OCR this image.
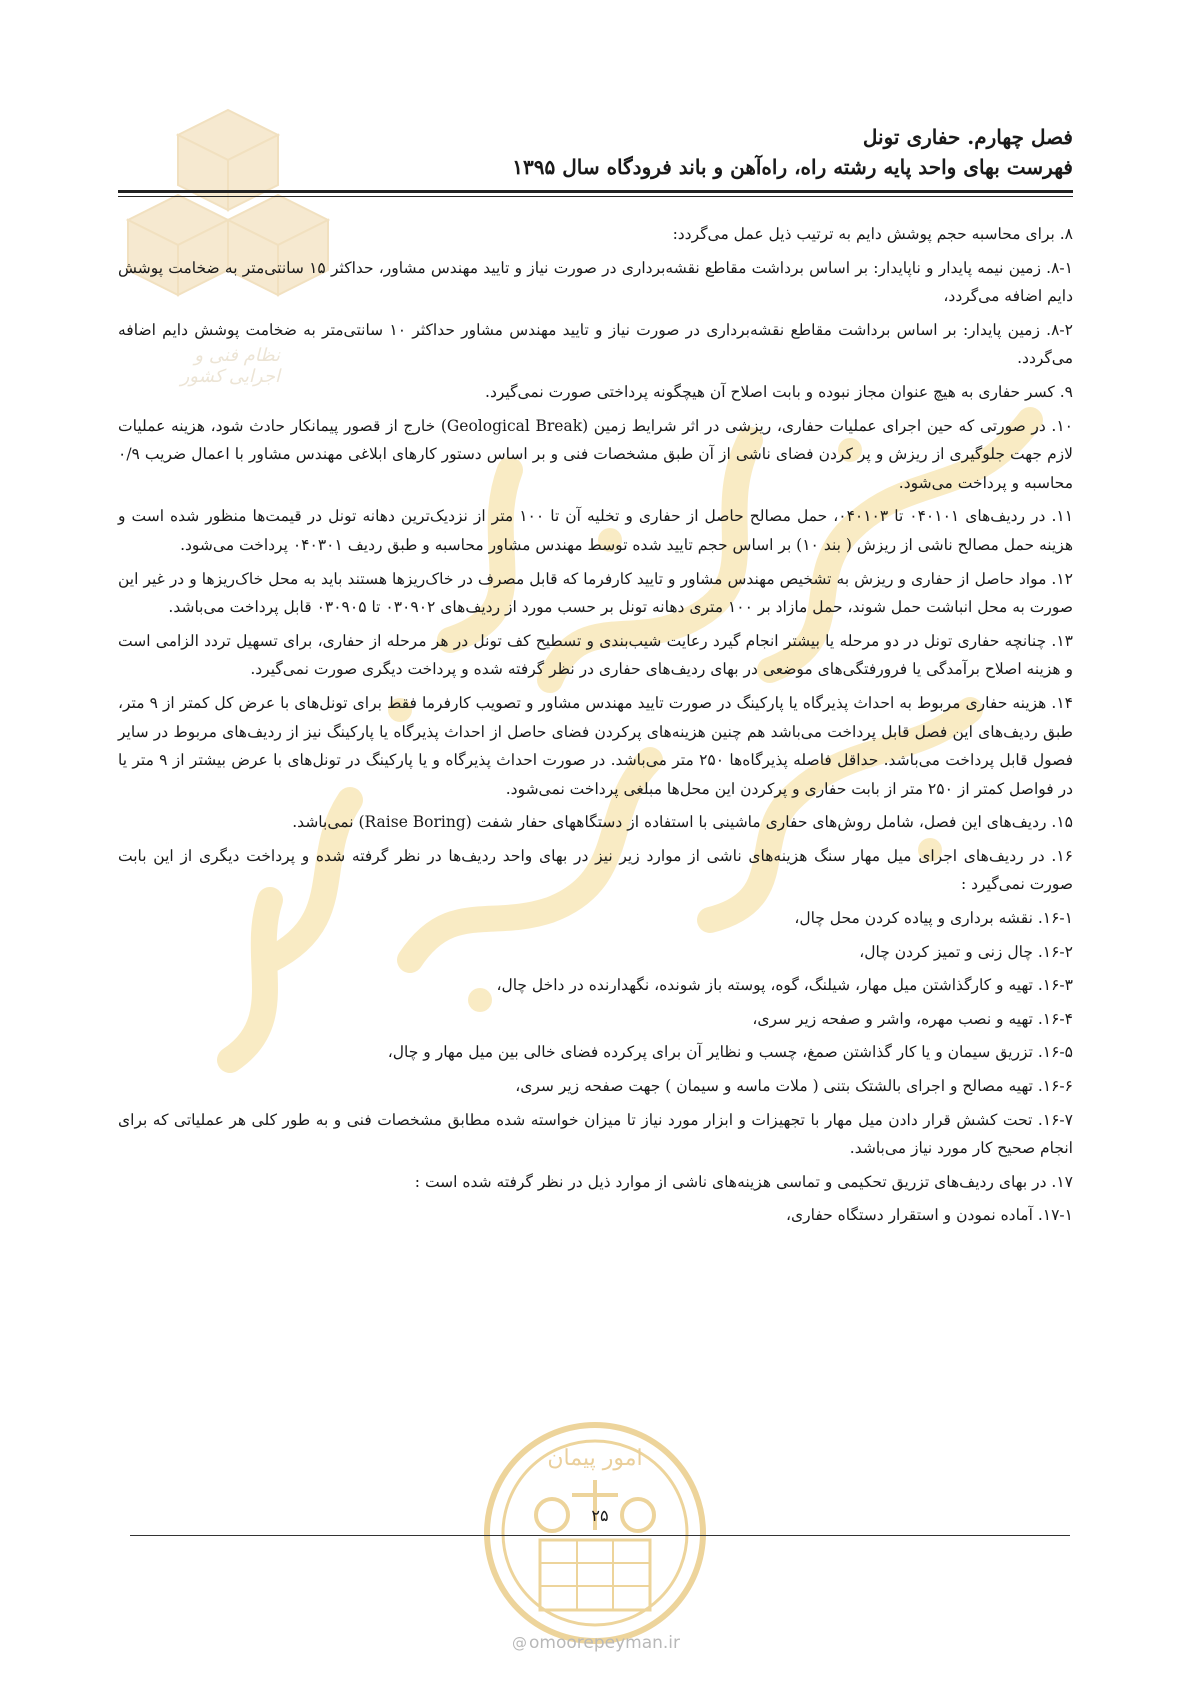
نظام فنی و اجرایی کشور
امور پیمان
فصل چهارم. حفاری تونل
فهرست بهای واحد پایه رشته راه، راه‌آهن و باند فرودگاه سال ۱۳۹۵

۸. برای محاسبه حجم پوشش دایم به ترتیب ذیل عمل می‌گردد:

۸-۱. زمین نیمه پایدار و ناپایدار: بر اساس برداشت مقاطع نقشه‌برداری در صورت نیاز و تایید مهندس مشاور، حداکثر ۱۵ سانتی‌متر به ضخامت پوشش دایم اضافه می‌گردد،

۸-۲. زمین پایدار: بر اساس برداشت مقاطع نقشه‌برداری در صورت نیاز و تایید مهندس مشاور حداکثر ۱۰ سانتی‌متر به ضخامت پوشش دایم اضافه می‌گردد.

۹. کسر حفاری به هیچ عنوان مجاز نبوده و بابت اصلاح آن هیچگونه پرداختی صورت نمی‌گیرد.

۱۰. در صورتی که حین اجرای عملیات حفاری، ریزشی در اثر شرایط زمین (Geological Break) خارج از قصور پیمانکار حادث شود، هزینه عملیات لازم جهت جلوگیری از ریزش و پر کردن فضای ناشی از آن طبق مشخصات فنی و بر اساس دستور کارهای ابلاغی مهندس مشاور با اعمال ضریب ۰/۹ محاسبه و پرداخت می‌شود.

۱۱. در ردیف‌های ۰۴۰۱۰۱ تا ۰۴۰۱۰۳، حمل مصالح حاصل از حفاری و تخلیه آن تا ۱۰۰ متر از نزدیک‌ترین دهانه تونل در قیمت‌ها منظور شده است و هزینه حمل مصالح ناشی از ریزش ( بند ۱۰) بر اساس حجم تایید شده توسط مهندس مشاور محاسبه و طبق ردیف ۰۴۰۳۰۱ پرداخت می‌شود.

۱۲. مواد حاصل از حفاری و ریزش به تشخیص مهندس مشاور و تایید کارفرما که قابل مصرف در خاک‌ریزها هستند باید به محل خاک‌ریزها و در غیر این صورت به محل انباشت حمل شوند، حمل مازاد بر ۱۰۰ متری دهانه تونل بر حسب مورد از ردیف‌های ۰۳۰۹۰۲ تا ۰۳۰۹۰۵ قابل پرداخت می‌باشد.

۱۳. چنانچه حفاری تونل در دو مرحله یا بیشتر انجام گیرد رعایت شیب‌بندی و تسطیح کف تونل در هر مرحله از حفاری، برای تسهیل تردد الزامی است و هزینه اصلاح برآمدگی یا فرورفتگی‌های موضعی در بهای ردیف‌های حفاری در نظر گرفته شده و پرداخت دیگری صورت نمی‌گیرد.

۱۴. هزینه حفاری مربوط به احداث پذیرگاه یا پارکینگ در صورت تایید مهندس مشاور و تصویب کارفرما فقط برای تونل‌های با عرض کل کمتر از ۹ متر، طبق ردیف‌های این فصل قابل پرداخت می‌باشد هم چنین هزینه‌های پرکردن فضای حاصل از احداث پذیرگاه یا پارکینگ نیز از ردیف‌های مربوط در سایر فصول قابل پرداخت می‌باشد. حداقل فاصله پذیرگاه‌ها ۲۵۰ متر می‌باشد. در صورت احداث پذیرگاه و یا پارکینگ در تونل‌های با عرض بیشتر از ۹ متر یا در فواصل کمتر از ۲۵۰ متر از بابت حفاری و پرکردن این محل‌ها مبلغی پرداخت نمی‌شود.

۱۵. ردیف‌های این فصل، شامل روش‌های حفاری ماشینی با استفاده از دستگاههای حفار شفت (Raise Boring) نمی‌باشد.

۱۶. در ردیف‌های اجرای میل مهار سنگ هزینه‌های ناشی از موارد زیر نیز در بهای واحد ردیف‌ها در نظر گرفته شده و پرداخت دیگری از این بابت صورت نمی‌گیرد :

۱۶-۱. نقشه برداری و پیاده کردن محل چال،

۱۶-۲. چال زنی و تمیز کردن چال،

۱۶-۳. تهیه و کارگذاشتن میل مهار، شیلنگ، گوه، پوسته باز شونده، نگهدارنده در داخل چال،

۱۶-۴. تهیه و نصب مهره، واشر و صفحه زیر سری،

۱۶-۵. تزریق سیمان و یا کار گذاشتن صمغ، چسب و نظایر آن برای پرکرده فضای خالی بین میل مهار و چال،

۱۶-۶. تهیه مصالح و اجرای بالشتک بتنی ( ملات ماسه و سیمان ) جهت صفحه زیر سری،

۱۶-۷. تحت کشش قرار دادن میل مهار با تجهیزات و ابزار مورد نیاز تا میزان خواسته شده مطابق مشخصات فنی و به طور کلی هر عملیاتی که برای انجام صحیح کار مورد نیاز می‌باشد.

۱۷. در بهای ردیف‌های تزریق تحکیمی و تماسی هزینه‌های ناشی از موارد ذیل در نظر گرفته شده است :

۱۷-۱. آماده نمودن و استقرار دستگاه حفاری،

۲۵
@ omoorepeyman.ir
